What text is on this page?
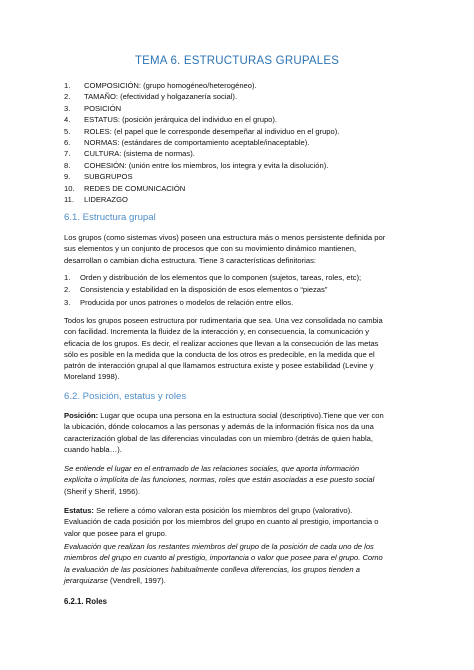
TEMA 6. ESTRUCTURAS GRUPALES
1. COMPOSICIÓN: (grupo homogéneo/heterogéneo).
2. TAMAÑO: (efectividad y holgazanería social).
3. POSICIÓN
4. ESTATUS: (posición jerárquica del individuo en el grupo).
5. ROLES: (el papel que le corresponde desempeñar al individuo en el grupo).
6. NORMAS: (estándares de comportamiento aceptable/inaceptable).
7. CULTURA: (sistema de normas).
8. COHESIÓN: (unión entre los miembros, los integra y evita la disolución).
9. SUBGRUPOS
10. REDES DE COMUNICACIÓN
11. LIDERAZGO
6.1. Estructura grupal

Los grupos (como sistemas vivos) poseen una estructura más o menos persistente definida por
sus elementos y un conjunto de procesos que con su movimiento dinámico mantienen,
desarrollan o cambian dicha estructura. Tiene 3 características definitorias:

1. Orden y distribución de los elementos que lo componen (sujetos, tareas, roles, etc);
2. Consistencia y estabilidad en la disposición de esos elementos o “piezas”
3. Producida por unos patrones o modelos de relación entre ellos.

Todos los grupos poseen estructura por rudimentaria que sea. Una vez consolidada no cambia
con facilidad. Incrementa la fluidez de la interacción y, en consecuencia, la comunicación y
eficacia de los grupos. Es decir, el realizar acciones que llevan a la consecución de las metas
sólo es posible en la medida que la conducta de los otros es predecible, en la medida que el
patrón de interacción grupal al que llamamos estructura existe y posee estabilidad (Levine y
Moreland 1998).

6.2. Posición, estatus y roles

Posición: Lugar que ocupa una persona en la estructura social (descriptivo).Tiene que ver con
la ubicación, dónde colocamos a las personas y además de la información física nos da una
caracterización global de las diferencias vinculadas con un miembro (detrás de quien habla,
cuando habla…).

Se entiende el lugar en el entramado de las relaciones sociales, que aporta información
explícita o implícita de las funciones, normas, roles que están asociadas a ese puesto social
(Sherif y Sherif, 1956).

Estatus: Se refiere a cómo valoran esta posición los miembros del grupo (valorativo).
Evaluación de cada posición por los miembros del grupo en cuanto al prestigio, importancia o
valor que posee para el grupo.

Evaluación que realizan los restantes miembros del grupo de la posición de cada uno de los
miembros del grupo en cuanto al prestigio, importancia o valor que posee para el grupo. Como
la evaluación de las posiciones habitualmente conlleva diferencias, los grupos tienden a
jerarquizarse (Vendrell, 1997).

6.2.1. Roles
